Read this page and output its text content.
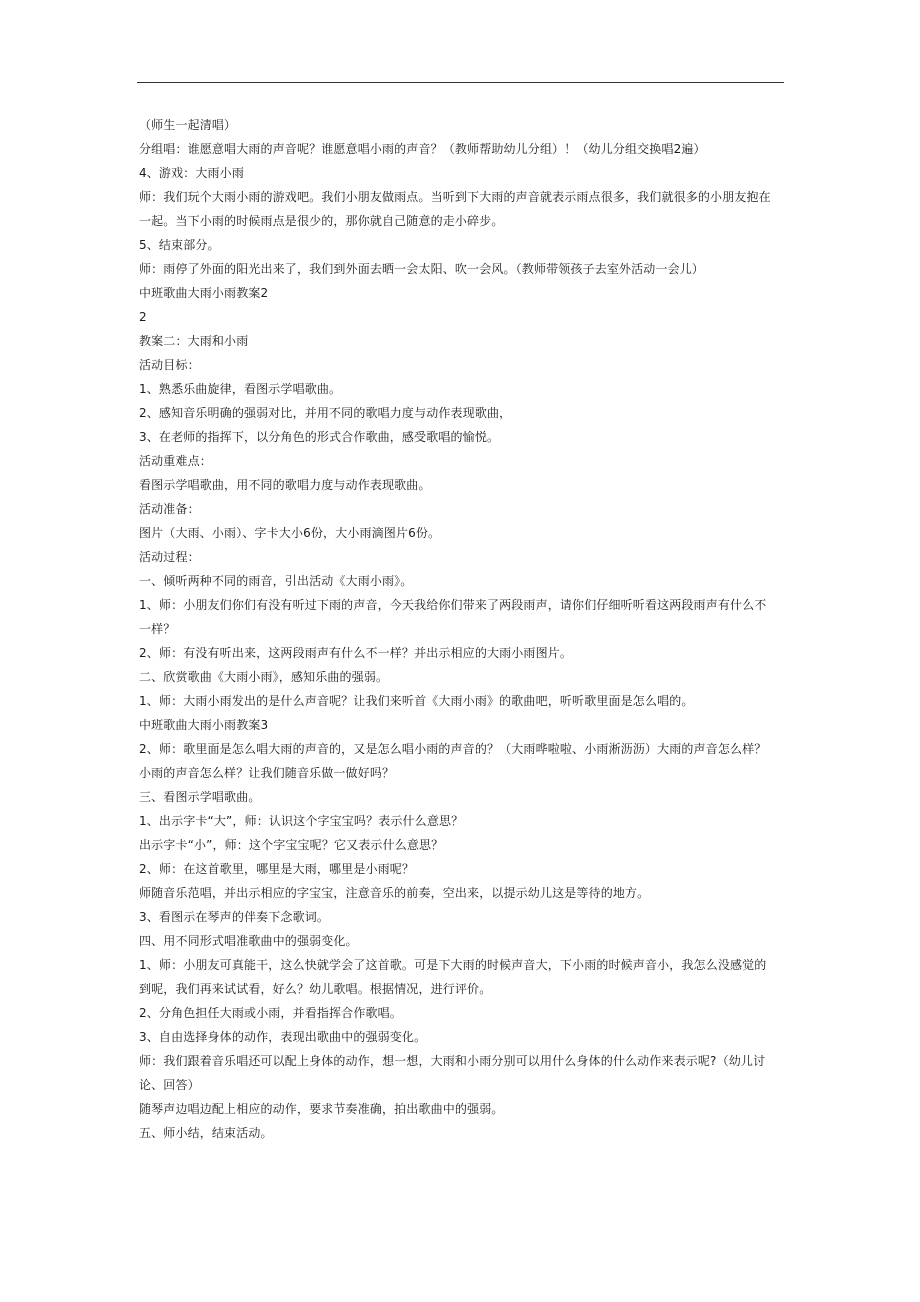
（师生一起清唱）
分组唱：谁愿意唱大雨的声音呢？谁愿意唱小雨的声音？（教师帮助幼儿分组）！（幼儿分组交换唱2遍）
4、游戏：大雨小雨
师：我们玩个大雨小雨的游戏吧。我们小朋友做雨点。当听到下大雨的声音就表示雨点很多，我们就很多的小朋友抱在
一起。当下小雨的时候雨点是很少的，那你就自己随意的走小碎步。
5、结束部分。
师：雨停了外面的阳光出来了，我们到外面去晒一会太阳、吹一会风。（教师带领孩子去室外活动一会儿）
中班歌曲大雨小雨教案2
2
教案二：大雨和小雨
活动目标：
1、熟悉乐曲旋律，看图示学唱歌曲。
2、感知音乐明确的强弱对比，并用不同的歌唱力度与动作表现歌曲，
3、在老师的指挥下，以分角色的形式合作歌曲，感受歌唱的愉悦。
活动重难点：
看图示学唱歌曲，用不同的歌唱力度与动作表现歌曲。
活动准备：
图片（大雨、小雨）、字卡大小6份，大小雨滴图片6份。
活动过程：
一、倾听两种不同的雨音，引出活动《大雨小雨》。
1、师：小朋友们你们有没有听过下雨的声音，今天我给你们带来了两段雨声，请你们仔细听听看这两段雨声有什么不
一样？
2、师：有没有听出来，这两段雨声有什么不一样？并出示相应的大雨小雨图片。
二、欣赏歌曲《大雨小雨》，感知乐曲的强弱。
1、师：大雨小雨发出的是什么声音呢？让我们来听首《大雨小雨》的歌曲吧，听听歌里面是怎么唱的。
中班歌曲大雨小雨教案3
2、师：歌里面是怎么唱大雨的声音的，又是怎么唱小雨的声音的？（大雨哗啦啦、小雨淅沥沥）大雨的声音怎么样？
小雨的声音怎么样？让我们随音乐做一做好吗？
三、看图示学唱歌曲。
1、出示字卡“大”，师：认识这个字宝宝吗？表示什么意思？
出示字卡“小”，师：这个字宝宝呢？它又表示什么意思？
2、师：在这首歌里，哪里是大雨，哪里是小雨呢？
师随音乐范唱，并出示相应的字宝宝，注意音乐的前奏，空出来，以提示幼儿这是等待的地方。
3、看图示在琴声的伴奏下念歌词。
四、用不同形式唱准歌曲中的强弱变化。
1、师：小朋友可真能干，这么快就学会了这首歌。可是下大雨的时候声音大，下小雨的时候声音小，我怎么没感觉的
到呢，我们再来试试看，好么？幼儿歌唱。根据情况，进行评价。
2、分角色担任大雨或小雨，并看指挥合作歌唱。
3、自由选择身体的动作，表现出歌曲中的强弱变化。
师：我们跟着音乐唱还可以配上身体的动作，想一想，大雨和小雨分别可以用什么身体的什么动作来表示呢?（幼儿讨
论、回答）
随琴声边唱边配上相应的动作，要求节奏准确，拍出歌曲中的强弱。
五、师小结，结束活动。
